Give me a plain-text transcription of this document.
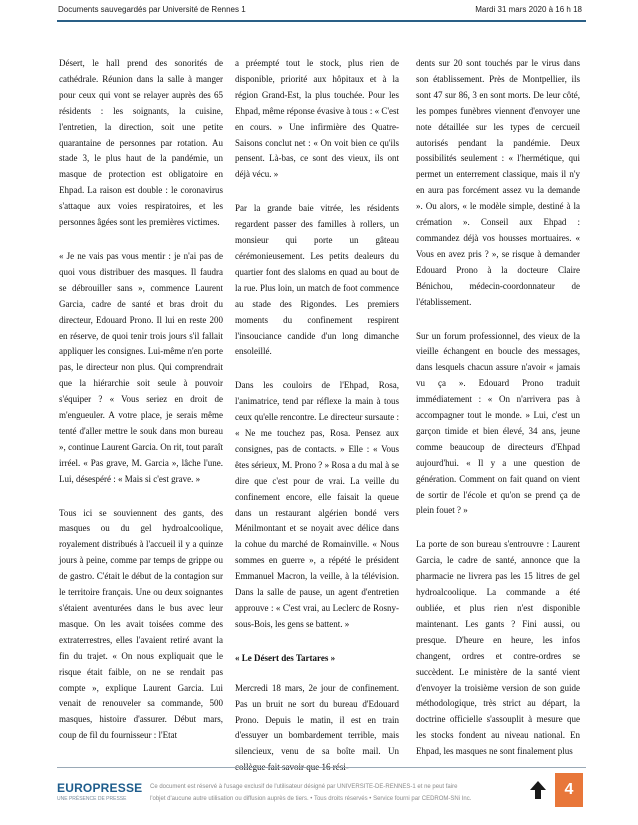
Documents sauvegardés par Université de Rennes 1	Mardi 31 mars 2020 à 16 h 18

Désert, le hall prend des sonorités de cathédrale. Réunion dans la salle à manger pour ceux qui vont se relayer auprès des 65 résidents : les soignants, la cuisine, l'entretien, la direction, soit une petite quarantaine de personnes par rotation. Au stade 3, le plus haut de la pandémie, un masque de protection est obligatoire en Ehpad. La raison est double : le coronavirus s'attaque aux voies respiratoires, et les personnes âgées sont les premières victimes.

« Je ne vais pas vous mentir : je n'ai pas de quoi vous distribuer des masques. Il faudra se débrouiller sans », commence Laurent Garcia, cadre de santé et bras droit du directeur, Edouard Prono. Il lui en reste 200 en réserve, de quoi tenir trois jours s'il fallait appliquer les consignes. Lui-même n'en porte pas, le directeur non plus. Qui comprendrait que la hiérarchie soit seule à pouvoir s'équiper ? « Vous seriez en droit de m'engueuler. A votre place, je serais même tenté d'aller mettre le souk dans mon bureau », continue Laurent Garcia. On rit, tout paraît irréel. « Pas grave, M. Garcia », lâche l'une. Lui, désespéré : « Mais si c'est grave. »

Tous ici se souviennent des gants, des masques ou du gel hydroalcoolique, royalement distribués à l'accueil il y a quinze jours à peine, comme par temps de grippe ou de gastro. C'était le début de la contagion sur le territoire français. Une ou deux soignantes s'étaient aventurées dans le bus avec leur masque. On les avait toisées comme des extraterrestres, elles l'avaient retiré avant la fin du trajet. « On nous expliquait que le risque était faible, on ne se rendait pas compte », explique Laurent Garcia. Lui venait de renouveler sa commande, 500 masques, histoire d'assurer. Début mars, coup de fil du fournisseur : l'Etat

a préempté tout le stock, plus rien de disponible, priorité aux hôpitaux et à la région Grand-Est, la plus touchée. Pour les Ehpad, même réponse évasive à tous : « C'est en cours. » Une infirmière des Quatre-Saisons conclut net : « On voit bien ce qu'ils pensent. Là-bas, ce sont des vieux, ils ont déjà vécu. »

Par la grande baie vitrée, les résidents regardent passer des familles à rollers, un monsieur qui porte un gâteau cérémonieusement. Les petits dealeurs du quartier font des slaloms en quad au bout de la rue. Plus loin, un match de foot commence au stade des Rigondes. Les premiers moments du confinement respirent l'insouciance candide d'un long dimanche ensoleillé.

Dans les couloirs de l'Ehpad, Rosa, l'animatrice, tend par réflexe la main à tous ceux qu'elle rencontre. Le directeur sursaute : « Ne me touchez pas, Rosa. Pensez aux consignes, pas de contacts. » Elle : « Vous êtes sérieux, M. Prono ? » Rosa a du mal à se dire que c'est pour de vrai. La veille du confinement encore, elle faisait la queue dans un restaurant algérien bondé vers Ménilmontant et se noyait avec délice dans la cohue du marché de Romainville. « Nous sommes en guerre », a répété le président Emmanuel Macron, la veille, à la télévision. Dans la salle de pause, un agent d'entretien approuve : « C'est vrai, au Leclerc de Rosny-sous-Bois, les gens se battent. »

« Le Désert des Tartares »

Mercredi 18 mars, 2e jour de confinement. Pas un bruit ne sort du bureau d'Edouard Prono. Depuis le matin, il est en train d'essuyer un bombardement terrible, mais silencieux, venu de sa boîte mail. Un collègue fait savoir que 16 rési-

dents sur 20 sont touchés par le virus dans son établissement. Près de Montpellier, ils sont 47 sur 86, 3 en sont morts. De leur côté, les pompes funèbres viennent d'envoyer une note détaillée sur les types de cercueil autorisés pendant la pandémie. Deux possibilités seulement : « l'hermétique, qui permet un enterrement classique, mais il n'y en aura pas forcément assez vu la demande ». Ou alors, « le modèle simple, destiné à la crémation ». Conseil aux Ehpad : commandez déjà vos housses mortuaires. « Vous en avez pris ? », se risque à demander Edouard Prono à la docteure Claire Bénichou, médecin-coordonnateur de l'établissement.

Sur un forum professionnel, des vieux de la vieille échangent en boucle des messages, dans lesquels chacun assure n'avoir « jamais vu ça ». Edouard Prono traduit immédiatement : « On n'arrivera pas à accompagner tout le monde. » Lui, c'est un garçon timide et bien élevé, 34 ans, jeune comme beaucoup de directeurs d'Ehpad aujourd'hui. « Il y a une question de génération. Comment on fait quand on vient de sortir de l'école et qu'on se prend ça de plein fouet ? »

La porte de son bureau s'entrouvre : Laurent Garcia, le cadre de santé, annonce que la pharmacie ne livrera pas les 15 litres de gel hydroalcoolique. La commande a été oubliée, et plus rien n'est disponible maintenant. Les gants ? Fini aussi, ou presque. D'heure en heure, les infos changent, ordres et contre-ordres se succèdent. Le ministère de la santé vient d'envoyer la troisième version de son guide méthodologique, très strict au départ, la doctrine officielle s'assouplit à mesure que les stocks fondent au niveau national. En Ehpad, les masques ne sont finalement plus

EUROPRESSE
UNE PRÉSENCE DE PRESSE
Ce document est réservé à l'usage exclusif de l'utilisateur désigné par UNIVERSITE-DE-RENNES-1 et ne peut faire
l'objet d'aucune autre utilisation ou diffusion auprès de tiers. • Tous droits réservés • Service fourni par CEDROM-SNi Inc.
4
